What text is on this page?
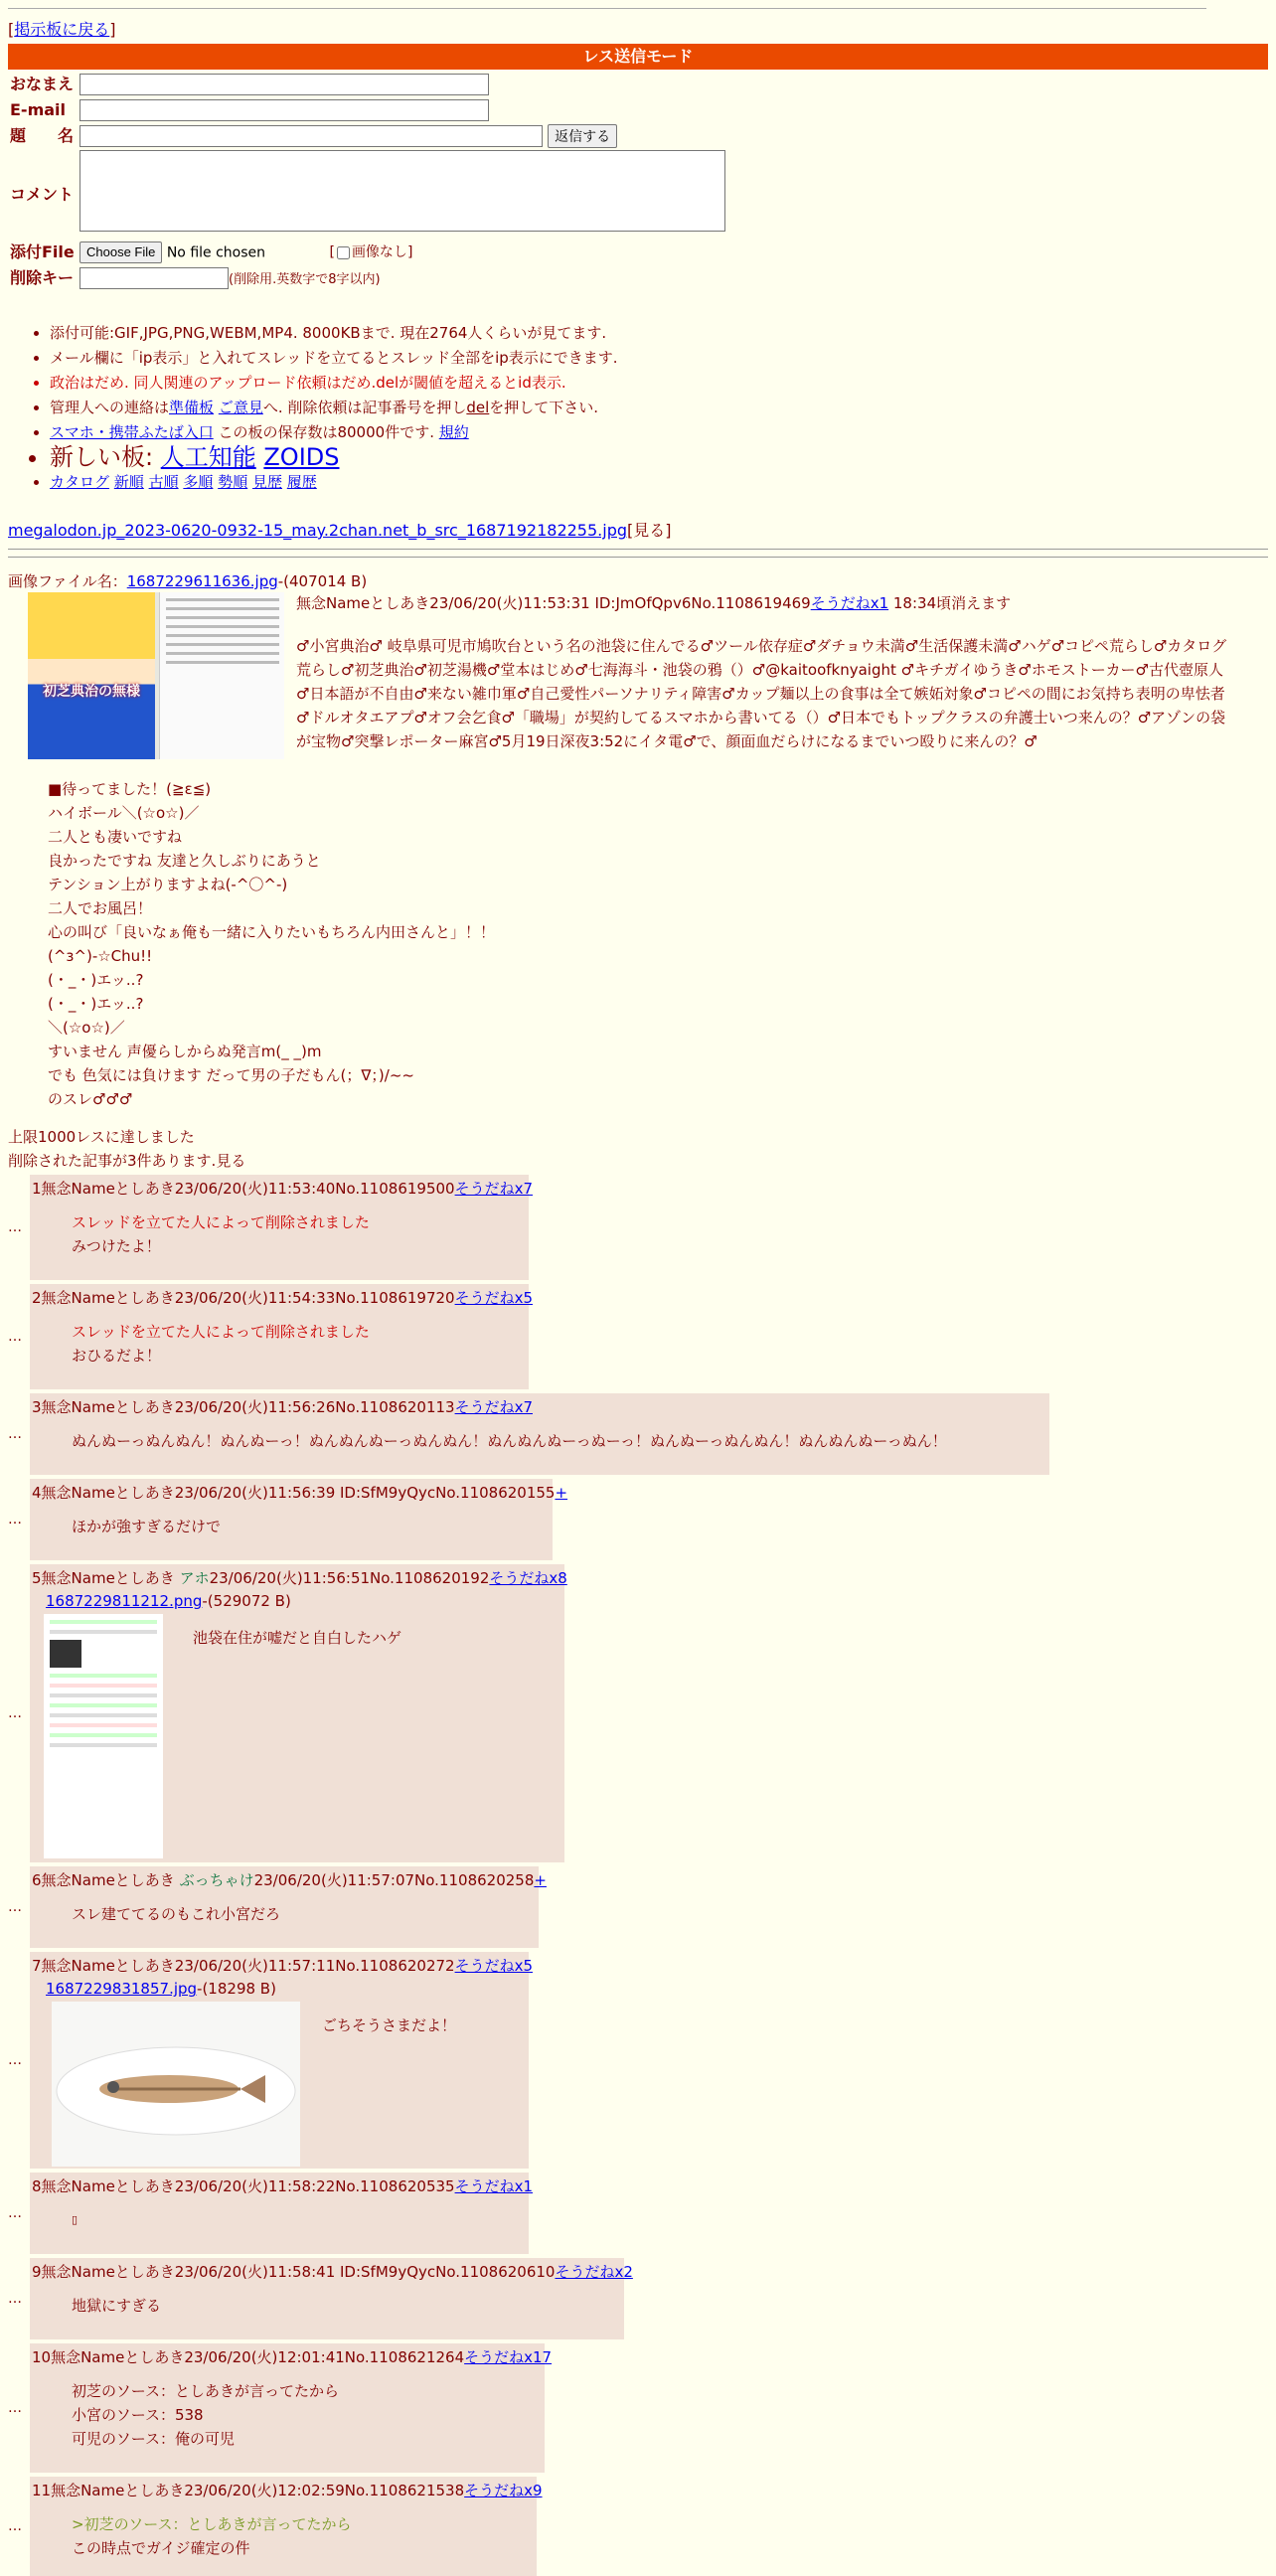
[掲示板に戻る]
レス送信モード
おなまえ	
E-mail	
題　　名	返信する
コメント	
添付File	Choose File No file chosen [ 画像なし]
削除キー	(削除用.英数字で8字以内)
• 添付可能:GIF,JPG,PNG,WEBM,MP4. 8000KBまで. 現在2764人くらいが見てます.
• メール欄に「ip表示」と入れてスレッドを立てるとスレッド全部をip表示にできます.
• 政治はだめ. 同人関連のアップロード依頼はだめ.delが閾値を超えるとid表示.
• 管理人への連絡は準備板 ご意見へ. 削除依頼は記事番号を押しdelを押して下さい.
• スマホ・携帯ふたば入口 この板の保存数は80000件です. 規約
• 新しい板: 人工知能 ZOIDS
• カタログ 新順 古順 多順 勢順 見歴 履歴
megalodon.jp_2023-0620-0932-15_may.2chan.net_b_src_1687192182255.jpg[見る]
画像ファイル名：1687229611636.jpg-(407014 B)
初芝典治の無様
無念Nameとしあき23/06/20(火)11:53:31 ID:JmOfQpv6No.1108619469そうだねx1 18:34頃消えます
♂小宮典治♂ 岐阜県可児市鳩吹台という名の池袋に住んでる♂ツール依存症♂ダチョウ未満♂生活保護未満♂ハゲ♂コピペ荒らし♂カタログ荒らし♂初芝典治♂初芝湯機♂堂本はじめ♂七海海斗・池袋の鴉（）♂@kaitoofknyaight ♂キチガイゆうき♂ホモストーカー♂古代壺原人♂日本語が不自由♂来ない雑巾軍♂自己愛性パーソナリティ障害♂カップ麺以上の食事は全て嫉妬対象♂コピペの間にお気持ち表明の卑怯者♂ドルオタエアプ♂オフ会乞食♂「職場」が契約してるスマホから書いてる（）♂日本でもトップクラスの弁護士いつ来んの？♂アゾンの袋が宝物♂突撃レポーター麻宮♂5月19日深夜3:52にイタ電♂で、顔面血だらけになるまでいつ殴りに来んの？♂
■待ってました！(≧ε≦)
ハイボール＼(☆o☆)／
二人とも凄いですね
良かったですね 友達と久しぶりにあうと
テンション上がりますよね(-^〇^-)
二人でお風呂！
心の叫び「良いなぁ俺も一緒に入りたいもちろん内田さんと」！！
(^з^)-☆Chu!!
(・_・)エッ..?
(・_・)エッ..?
＼(☆o☆)／
すいません 声優らしからぬ発言m(_ _)m
でも 色気には負けます だって男の子だもん(；∇；)/~~
のスレ♂♂♂
上限1000レスに達しました
削除された記事が3件あります.見る
…
1無念Nameとしあき23/06/20(火)11:53:40No.1108619500そうだねx7
スレッドを立てた人によって削除されました
みつけたよ！
…
2無念Nameとしあき23/06/20(火)11:54:33No.1108619720そうだねx5
スレッドを立てた人によって削除されました
おひるだよ！
…
3無念Nameとしあき23/06/20(火)11:56:26No.1108620113そうだねx7
ぬんぬーっぬんぬん！ぬんぬーっ！ぬんぬんぬーっぬんぬん！ぬんぬんぬーっぬーっ！ぬんぬーっぬんぬん！ぬんぬんぬーっぬん！
…
4無念Nameとしあき23/06/20(火)11:56:39 ID:SfM9yQycNo.1108620155+
ほかが強すぎるだけで
…
5無念Nameとしあき アホ23/06/20(火)11:56:51No.1108620192そうだねx8
1687229811212.png-(529072 B)
池袋在住が嘘だと自白したハゲ
…
6無念Nameとしあき ぶっちゃけ23/06/20(火)11:57:07No.1108620258+
スレ建ててるのもこれ小宮だろ
…
7無念Nameとしあき23/06/20(火)11:57:11No.1108620272そうだねx5
1687229831857.jpg-(18298 B)
ごちそうさまだよ！
…
8無念Nameとしあき23/06/20(火)11:58:22No.1108620535そうだねx1
▯
…
9無念Nameとしあき23/06/20(火)11:58:41 ID:SfM9yQycNo.1108620610そうだねx2
地獄にすぎる
…
10無念Nameとしあき23/06/20(火)12:01:41No.1108621264そうだねx17
初芝のソース：としあきが言ってたから
小宮のソース：538
可児のソース：俺の可児
…
11無念Nameとしあき23/06/20(火)12:02:59No.1108621538そうだねx9
>初芝のソース：としあきが言ってたから
この時点でガイジ確定の件
